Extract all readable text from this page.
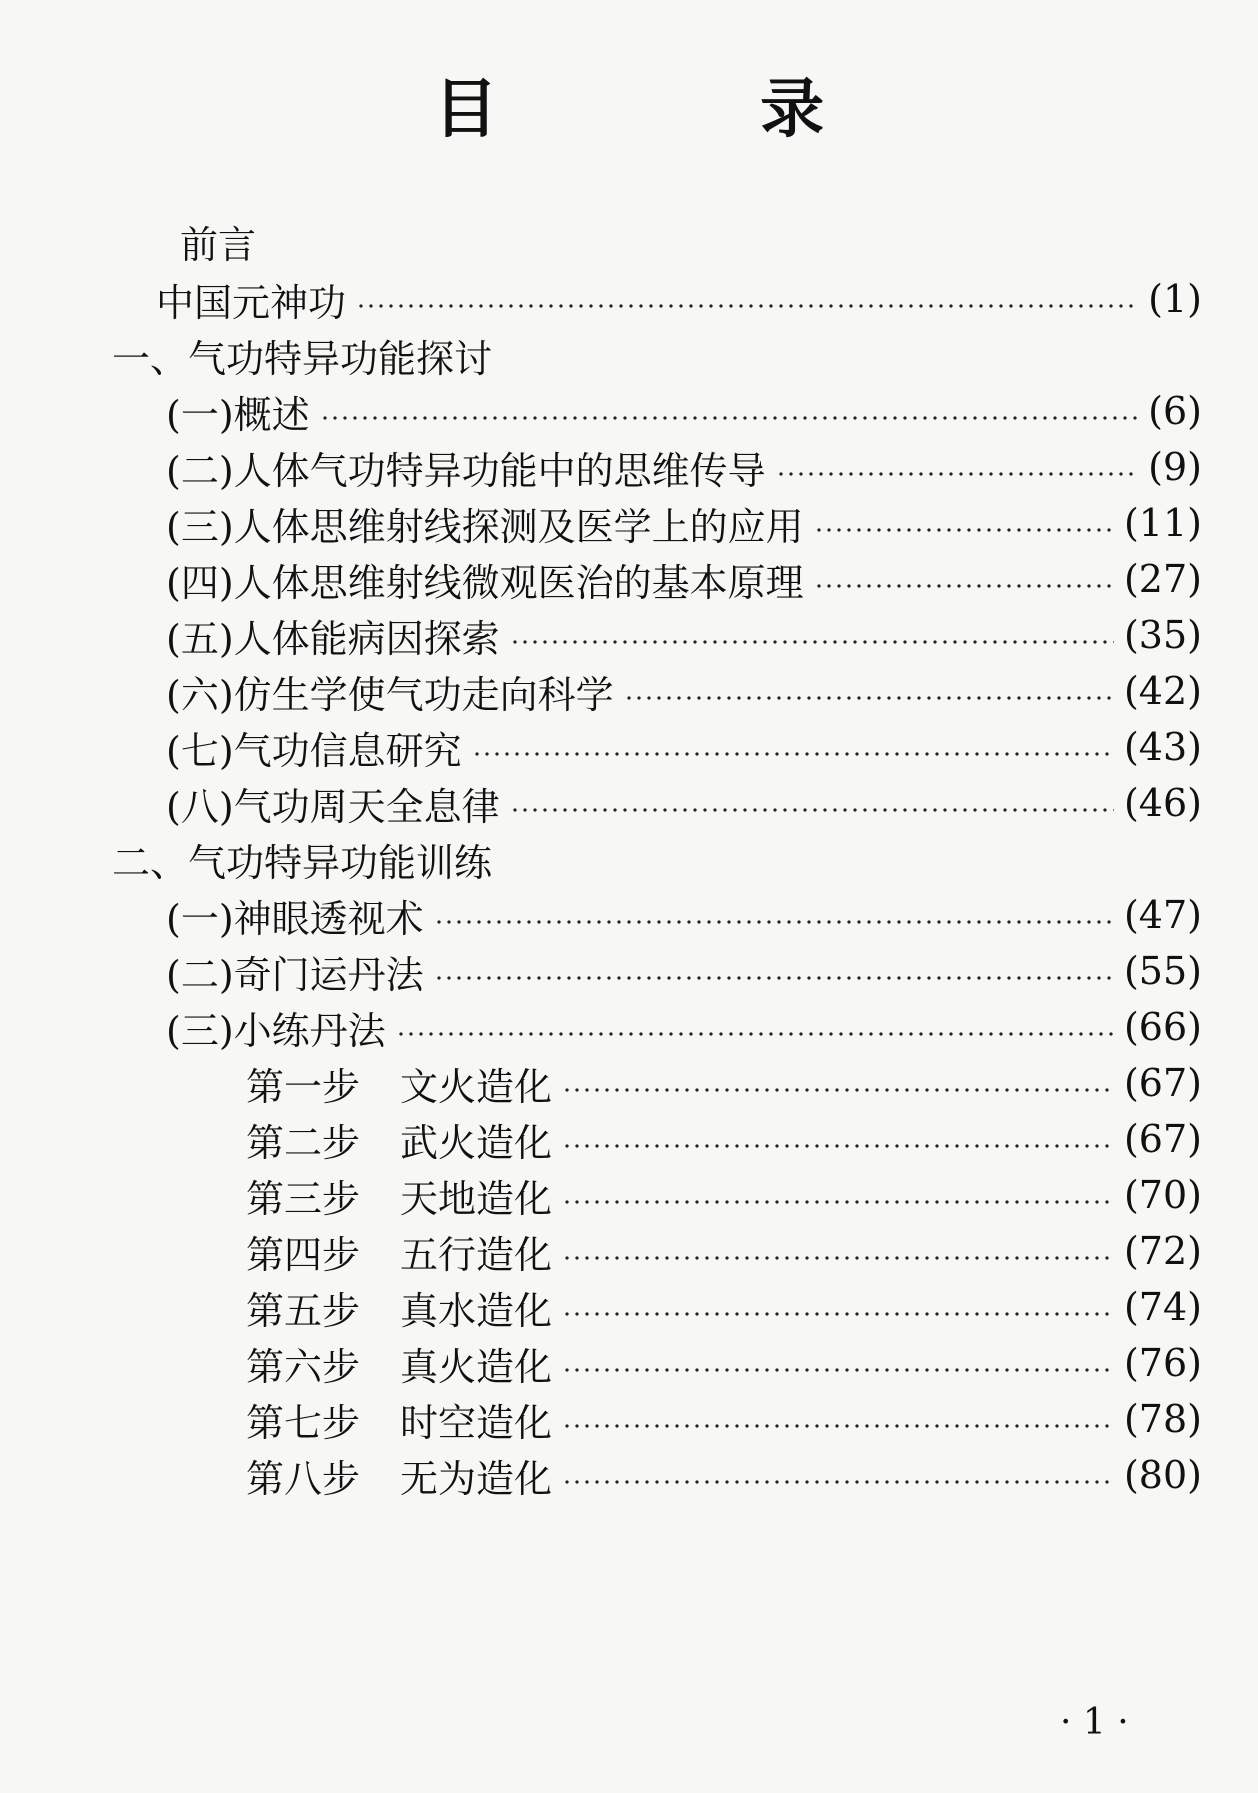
目 录
前言
中国元神功	(1)
一、气功特异功能探讨
(一)概述	(6)
(二)人体气功特异功能中的思维传导	(9)
(三)人体思维射线探测及医学上的应用	(11)
(四)人体思维射线微观医治的基本原理	(27)
(五)人体能病因探索	(35)
(六)仿生学使气功走向科学	(42)
(七)气功信息研究	(43)
(八)气功周天全息律	(46)
二、气功特异功能训练
(一)神眼透视术	(47)
(二)奇门运丹法	(55)
(三)小练丹法	(66)
第一步 文火造化	(67)
第二步 武火造化	(67)
第三步 天地造化	(70)
第四步 五行造化	(72)
第五步 真水造化	(74)
第六步 真火造化	(76)
第七步 时空造化	(78)
第八步 无为造化	(80)
· 1 ·
